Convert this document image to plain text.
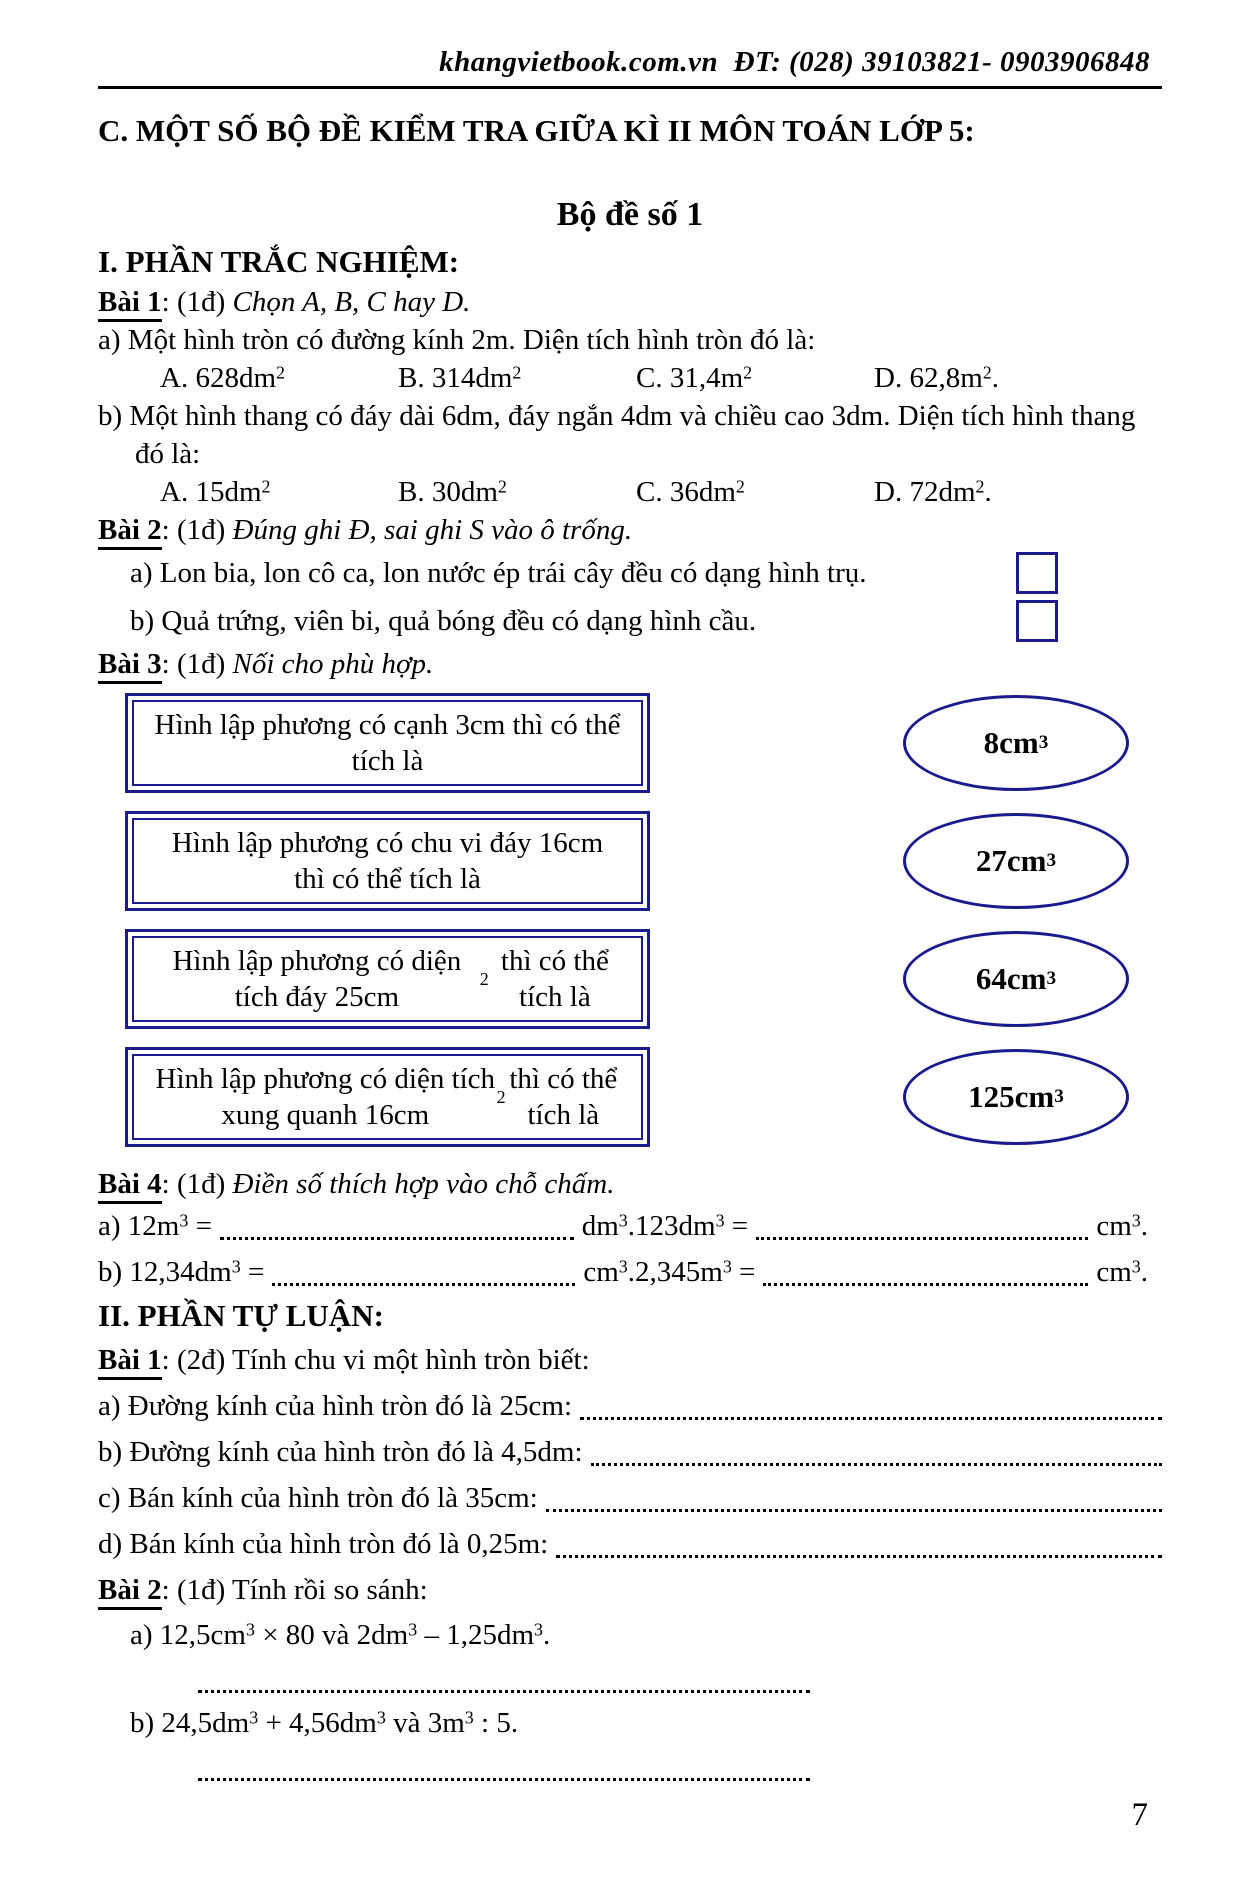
khangvietbook.com.vn  ĐT: (028) 39103821- 0903906848
C. MỘT SỐ BỘ ĐỀ KIỂM TRA GIỮA KÌ II MÔN TOÁN LỚP 5:
Bộ đề số 1
I. PHẦN TRẮC NGHIỆM:

Bài 1: (1đ) Chọn A, B, C hay D.

a) Một hình tròn có đường kính 2m. Diện tích hình tròn đó là:

A. $628dm^2$	B. $314dm^2$	C. $31,4m^2$	D. $62,8m^2$.

b) Một hình thang có đáy dài 6dm, đáy ngắn 4dm và chiều cao 3dm. Diện tích hình thang đó là:

A. $15dm^2$	B. $30dm^2$	C. $36dm^2$	D. $72dm^2$.

Bài 2: (1đ) Đúng ghi Đ, sai ghi S vào ô trống.

a) Lon bia, lon cô ca, lon nước ép trái cây đều có dạng hình trụ.
b) Quả trứng, viên bi, quả bóng đều có dạng hình cầu.

Bài 3: (1đ) Nối cho phù hợp.

Hình lập phương có cạnh 3cm thì có thể tích là
8cm 3
Hình lập phương có chu vi đáy 16cm thì có thể tích là
27cm 3
Hình lập phương có diện tích đáy 25cm
2
thì có thể tích là
64cm 3
Hình lập phương có diện tích xung quanh 16cm
2
thì có thể tích là
125cm 3

Bài 4: (1đ) Điền số thích hợp vào chỗ chấm.

a) $12m^3$ =	$dm^3$. $123dm^3$ =	$cm^3$.
b) $12,34dm^3$ =	$cm^3$. $2,345m^3$ =	$cm^3$.
II. PHẦN TỰ LUẬN:

Bài 1: (2đ) Tính chu vi một hình tròn biết:

a) Đường kính của hình tròn đó là 25cm:
b) Đường kính của hình tròn đó là 4,5dm:
c) Bán kính của hình tròn đó là 35cm:
d) Bán kính của hình tròn đó là 0,25m:

Bài 2: (1đ) Tính rồi so sánh:

a) $12,5cm^3 \times 80$ và $2dm^3 - 1,25dm^3$.

b) $24,5dm^3 + 4,56dm^3$ và $3m^3$ : 5.

7
